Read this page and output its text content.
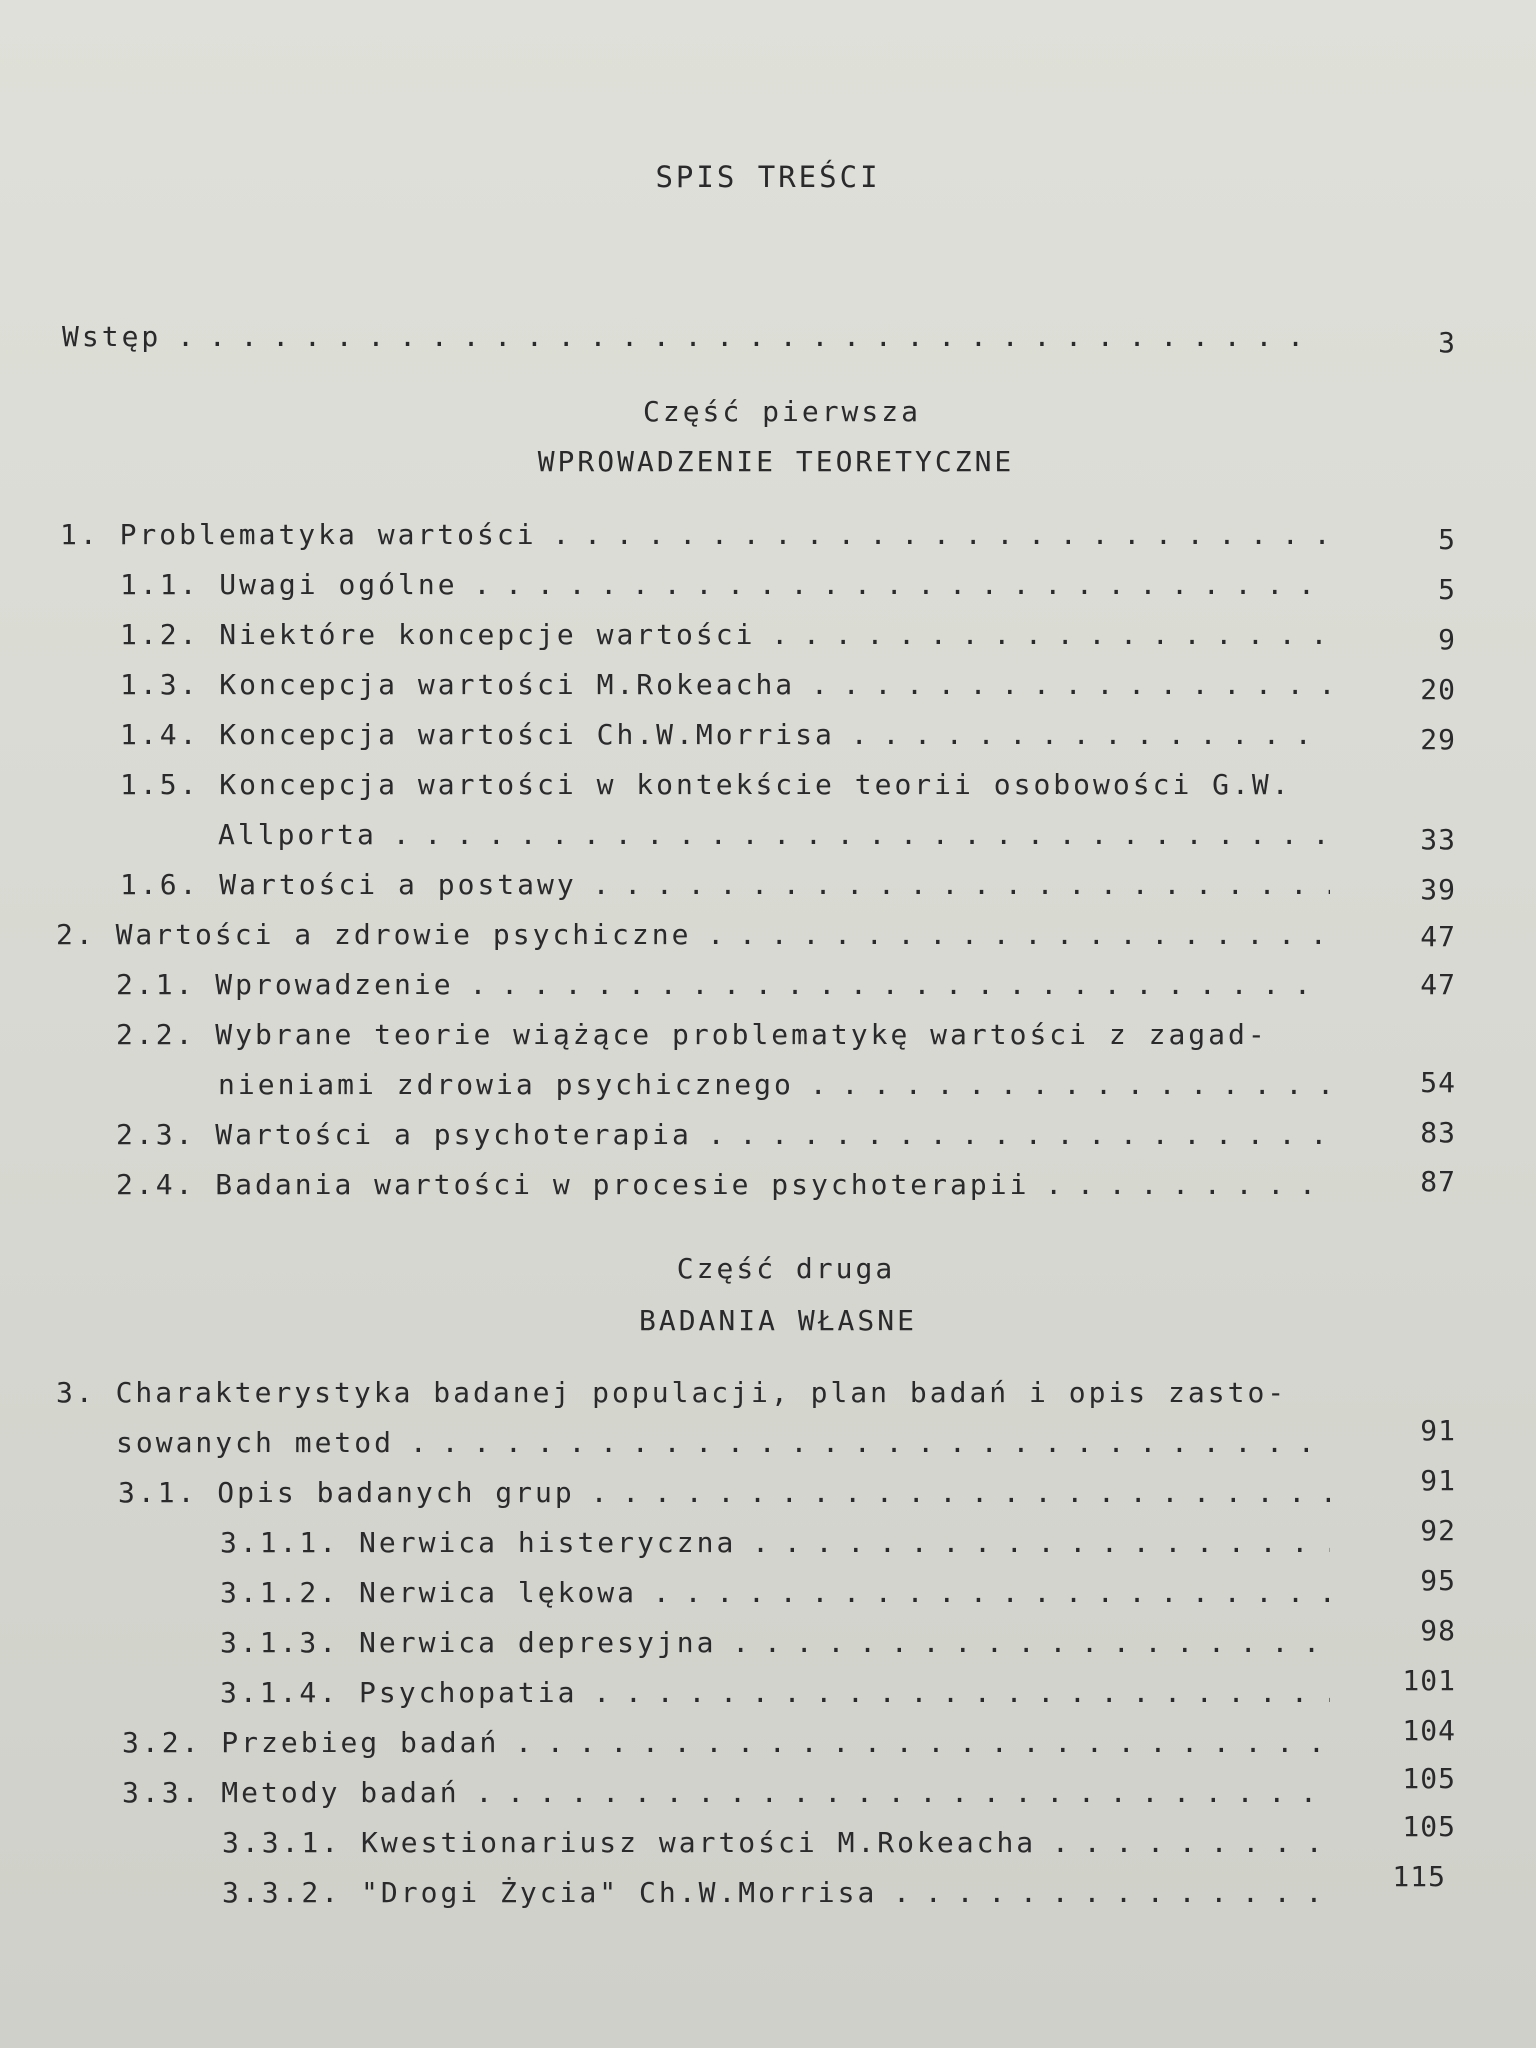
SPIS TREŚCI
Wstęp . . .	3
Część pierwsza
WPROWADZENIE TEORETYCZNE
1. Problematyka wartości . . .	5
1.1. Uwagi ogólne . . .	5
1.2. Niektóre koncepcje wartości . . .	9
1.3. Koncepcja wartości M.Rokeacha . . .	20
1.4. Koncepcja wartości Ch.W.Morrisa . . .	29
1.5. Koncepcja wartości w kontekście teorii osobowości G.W.
Allporta . . .	33
1.6. Wartości a postawy . . .	39
2. Wartości a zdrowie psychiczne . . .	47
2.1. Wprowadzenie . . .	47
2.2. Wybrane teorie wiążące problematykę wartości z zagad-
nieniami zdrowia psychicznego . . .	54
2.3. Wartości a psychoterapia . . .	83
2.4. Badania wartości w procesie psychoterapii . . .	87
Część druga
BADANIA WŁASNE
3. Charakterystyka badanej populacji, plan badań i opis zasto-
sowanych metod . . .	91
3.1. Opis badanych grup . . .	91
3.1.1. Nerwica histeryczna . . .	92
3.1.2. Nerwica lękowa . . .	95
3.1.3. Nerwica depresyjna . . .	98
3.1.4. Psychopatia . . .	101
3.2. Przebieg badań . . .	104
3.3. Metody badań . . .	105
3.3.1. Kwestionariusz wartości M.Rokeacha . . .	105
3.3.2. "Drogi Życia" Ch.W.Morrisa . . .	115
